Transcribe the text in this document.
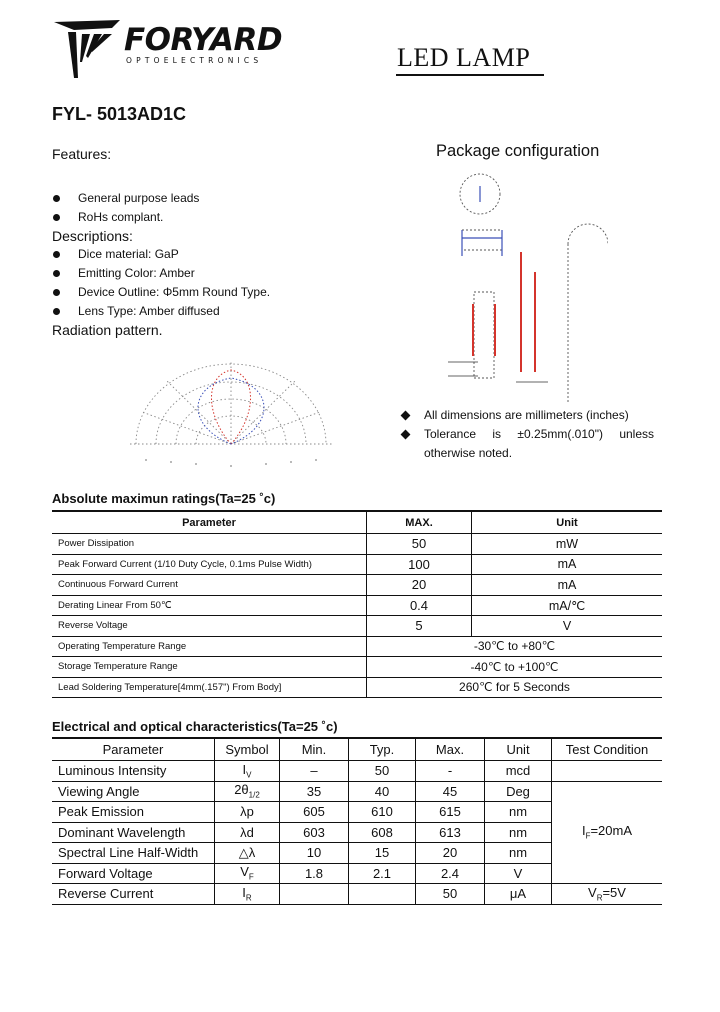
FORYARD
OPTOELECTRONICS	LED LAMP
FYL- 5013AD1C
Features:
General purpose leads
RoHs complant.
Descriptions:
Dice material: GaP
Emitting Color: Amber
Device Outline: Φ5mm Round Type.
Lens Type: Amber diffused
Radiation pattern.
Package configuration
All dimensions are millimeters (inches)
Tolerance is ±0.25mm(.010") unless
otherwise noted.
Absolute maximun ratings(Ta=25 ˚c)
Parameter	MAX.	Unit
Power Dissipation	50	mW
Peak Forward Current (1/10 Duty Cycle, 0.1ms Pulse Width)	100	mA
Continuous Forward Current	20	mA
Derating Linear From 50℃	0.4	mA/℃
Reverse Voltage	5	V
Operating Temperature Range	-30℃ to +80℃	
Storage Temperature Range	-40℃ to +100℃	
Lead Soldering Temperature[4mm(.157") From Body]	260℃ for 5 Seconds	
Electrical and optical characteristics(Ta=25 ˚c)
Parameter	Symbol	Min.	Typ.	Max.	Unit	Test Condition
Luminous Intensity	$I_V$	–	50	-	mcd	
Viewing Angle	$2\theta_{1/2}$	35	40	45	Deg	$I_F=20mA$
Peak Emission	λp	605	610	615	nm	
Dominant Wavelength	λd	603	608	613	nm	
Spectral Line Half-Width	△λ	10	15	20	nm	
Forward Voltage	$V_F$	1.8	2.1	2.4	V	
Reverse Current	$I_R$			50	μA	$V_R=5V$
